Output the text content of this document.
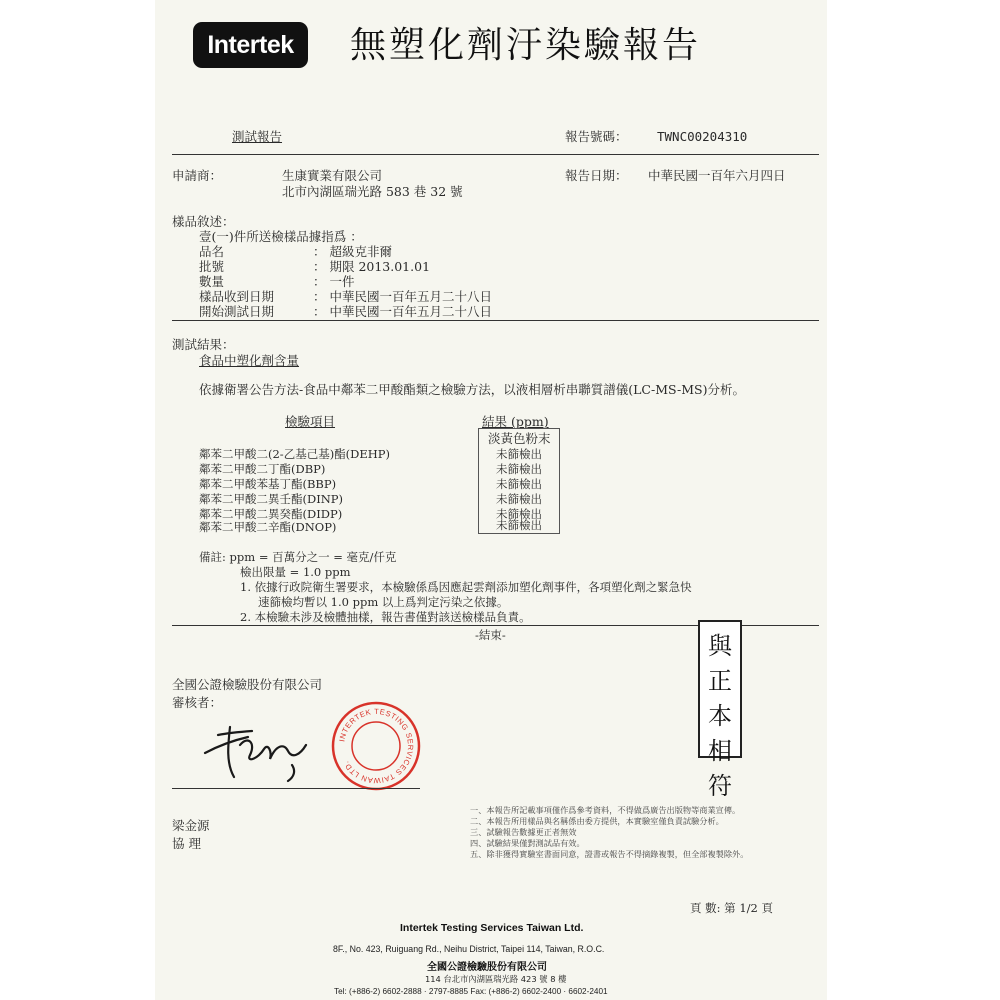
Intertek	無塑化劑汙染驗報告
測試報告	報告號碼： TWNC00204310
申請商：	生康實業有限公司
北市內湖區瑞光路 583 巷 32 號
報告日期： 中華民國一百年六月四日
樣品敘述：
壹(一)件所送檢樣品據指爲 ：
品名	： 超級克非爾
批號	： 期限 2013.01.01
數量	： 一件
樣品收到日期	： 中華民國一百年五月二十八日
開始測試日期	： 中華民國一百年五月二十八日
測試結果：
食品中塑化劑含量
依據衛署公告方法-食品中鄰苯二甲酸酯類之檢驗方法，以液相層析串聯質譜儀(LC-MS-MS)分析。
檢驗項目	結果 (ppm)
淡黃色粉末
鄰苯二甲酸二(2-乙基己基)酯(DEHP)	未篩檢出
鄰苯二甲酸二丁酯(DBP)	未篩檢出
鄰苯二甲酸苯基丁酯(BBP)	未篩檢出
鄰苯二甲酸二異壬酯(DINP)	未篩檢出
鄰苯二甲酸二異癸酯(DIDP)	未篩檢出
鄰苯二甲酸二辛酯(DNOP)	未篩檢出
備註: ppm = 百萬分之一 = 毫克/仟克
檢出限量 = 1.0 ppm
1. 依據行政院衛生署要求，本檢驗係爲因應起雲劑添加塑化劑事件，各項塑化劑之緊急快
速篩檢均暫以 1.0 ppm 以上爲判定污染之依據。
2. 本檢驗未涉及檢體抽樣，報告書僅對該送檢樣品負責。
-結束-	與
正
本
相
符
全國公證檢驗股份有限公司
審核者：
INTERTEK TESTING SERVICES TAIWAN LTD.
梁金源
協 理
一、本報告所記載事項僅作爲參考資料，不得做爲廣告出版物等商業宣傳。
二、本報告所用樣品與名稱係由委方提供，本實驗室僅負責試驗分析。
三、試驗報告數據更正者無效
四、試驗結果僅對測試品有效。
五、除非獲得實驗室書面同意，證書或報告不得摘錄複製，但全部複製除外。
頁 數: 第 1/2 頁
Intertek Testing Services Taiwan Ltd.
8F., No. 423, Ruiguang Rd., Neihu District, Taipei 114, Taiwan, R.O.C.
全國公證檢驗股份有限公司
114 台北市內湖區瑞光路 423 號 8 樓
Tel: (+886-2) 6602-2888 · 2797-8885 Fax: (+886-2) 6602-2400 · 6602-2401
